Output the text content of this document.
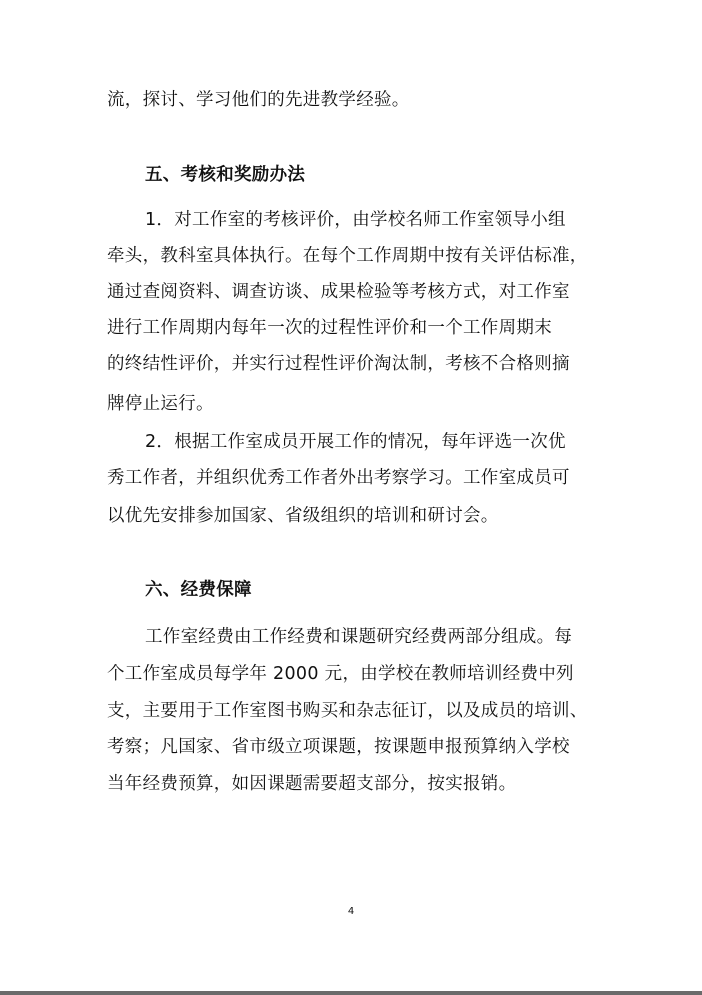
流，探讨、学习他们的先进教学经验。
五、考核和奖励办法
1．对工作室的考核评价，由学校名师工作室领导小组
牵头，教科室具体执行。在每个工作周期中按有关评估标准，
通过查阅资料、调查访谈、成果检验等考核方式，对工作室
进行工作周期内每年一次的过程性评价和一个工作周期末
的终结性评价，并实行过程性评价淘汰制，考核不合格则摘
牌停止运行。
2．根据工作室成员开展工作的情况，每年评选一次优
秀工作者，并组织优秀工作者外出考察学习。工作室成员可
以优先安排参加国家、省级组织的培训和研讨会。
六、经费保障
工作室经费由工作经费和课题研究经费两部分组成。每
个工作室成员每学年 2000 元，由学校在教师培训经费中列
支，主要用于工作室图书购买和杂志征订，以及成员的培训、
考察；凡国家、省市级立项课题，按课题申报预算纳入学校
当年经费预算，如因课题需要超支部分，按实报销。
4
